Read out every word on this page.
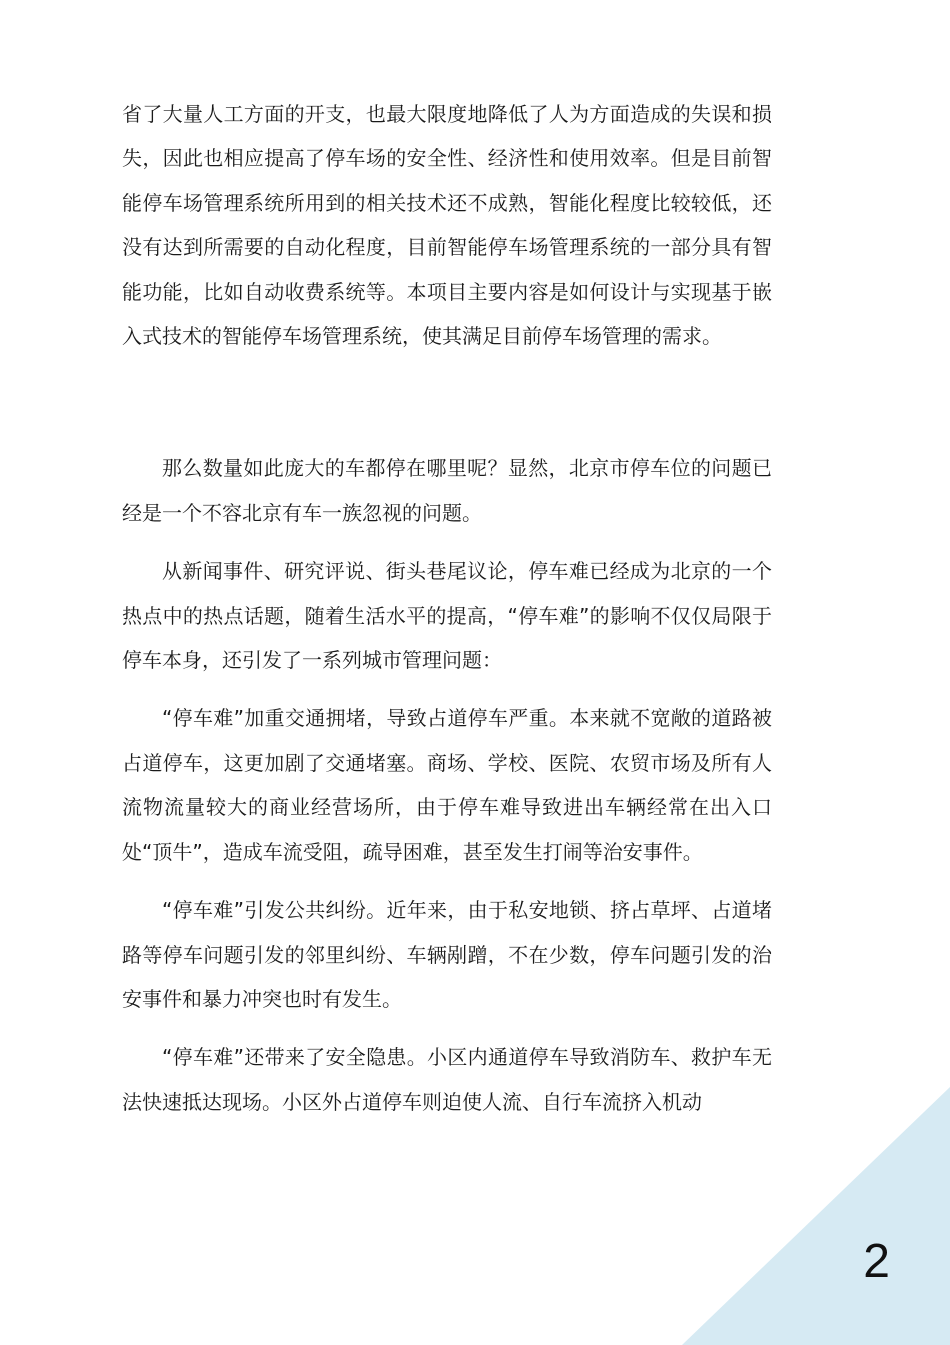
省了大量人工方面的开支，也最大限度地降低了人为方面造成的失误和损失，因此也相应提高了停车场的安全性、经济性和使用效率。但是目前智能停车场管理系统所用到的相关技术还不成熟，智能化程度比较较低，还没有达到所需要的自动化程度，目前智能停车场管理系统的一部分具有智能功能，比如自动收费系统等。本项目主要内容是如何设计与实现基于嵌入式技术的智能停车场管理系统，使其满足目前停车场管理的需求。

那么数量如此庞大的车都停在哪里呢？显然，北京市停车位的问题已经是一个不容北京有车一族忽视的问题。

从新闻事件、研究评说、街头巷尾议论，停车难已经成为北京的一个热点中的热点话题，随着生活水平的提高，“停车难”的影响不仅仅局限于停车本身，还引发了一系列城市管理问题：

“停车难”加重交通拥堵，导致占道停车严重。本来就不宽敞的道路被占道停车，这更加剧了交通堵塞。商场、学校、医院、农贸市场及所有人流物流量较大的商业经营场所，由于停车难导致进出车辆经常在出入口处“顶牛”，造成车流受阻，疏导困难，甚至发生打闹等治安事件。

“停车难”引发公共纠纷。近年来，由于私安地锁、挤占草坪、占道堵路等停车问题引发的邻里纠纷、车辆剐蹭，不在少数，停车问题引发的治安事件和暴力冲突也时有发生。

“停车难”还带来了安全隐患。小区内通道停车导致消防车、救护车无法快速抵达现场。小区外占道停车则迫使人流、自行车流挤入机动

2
